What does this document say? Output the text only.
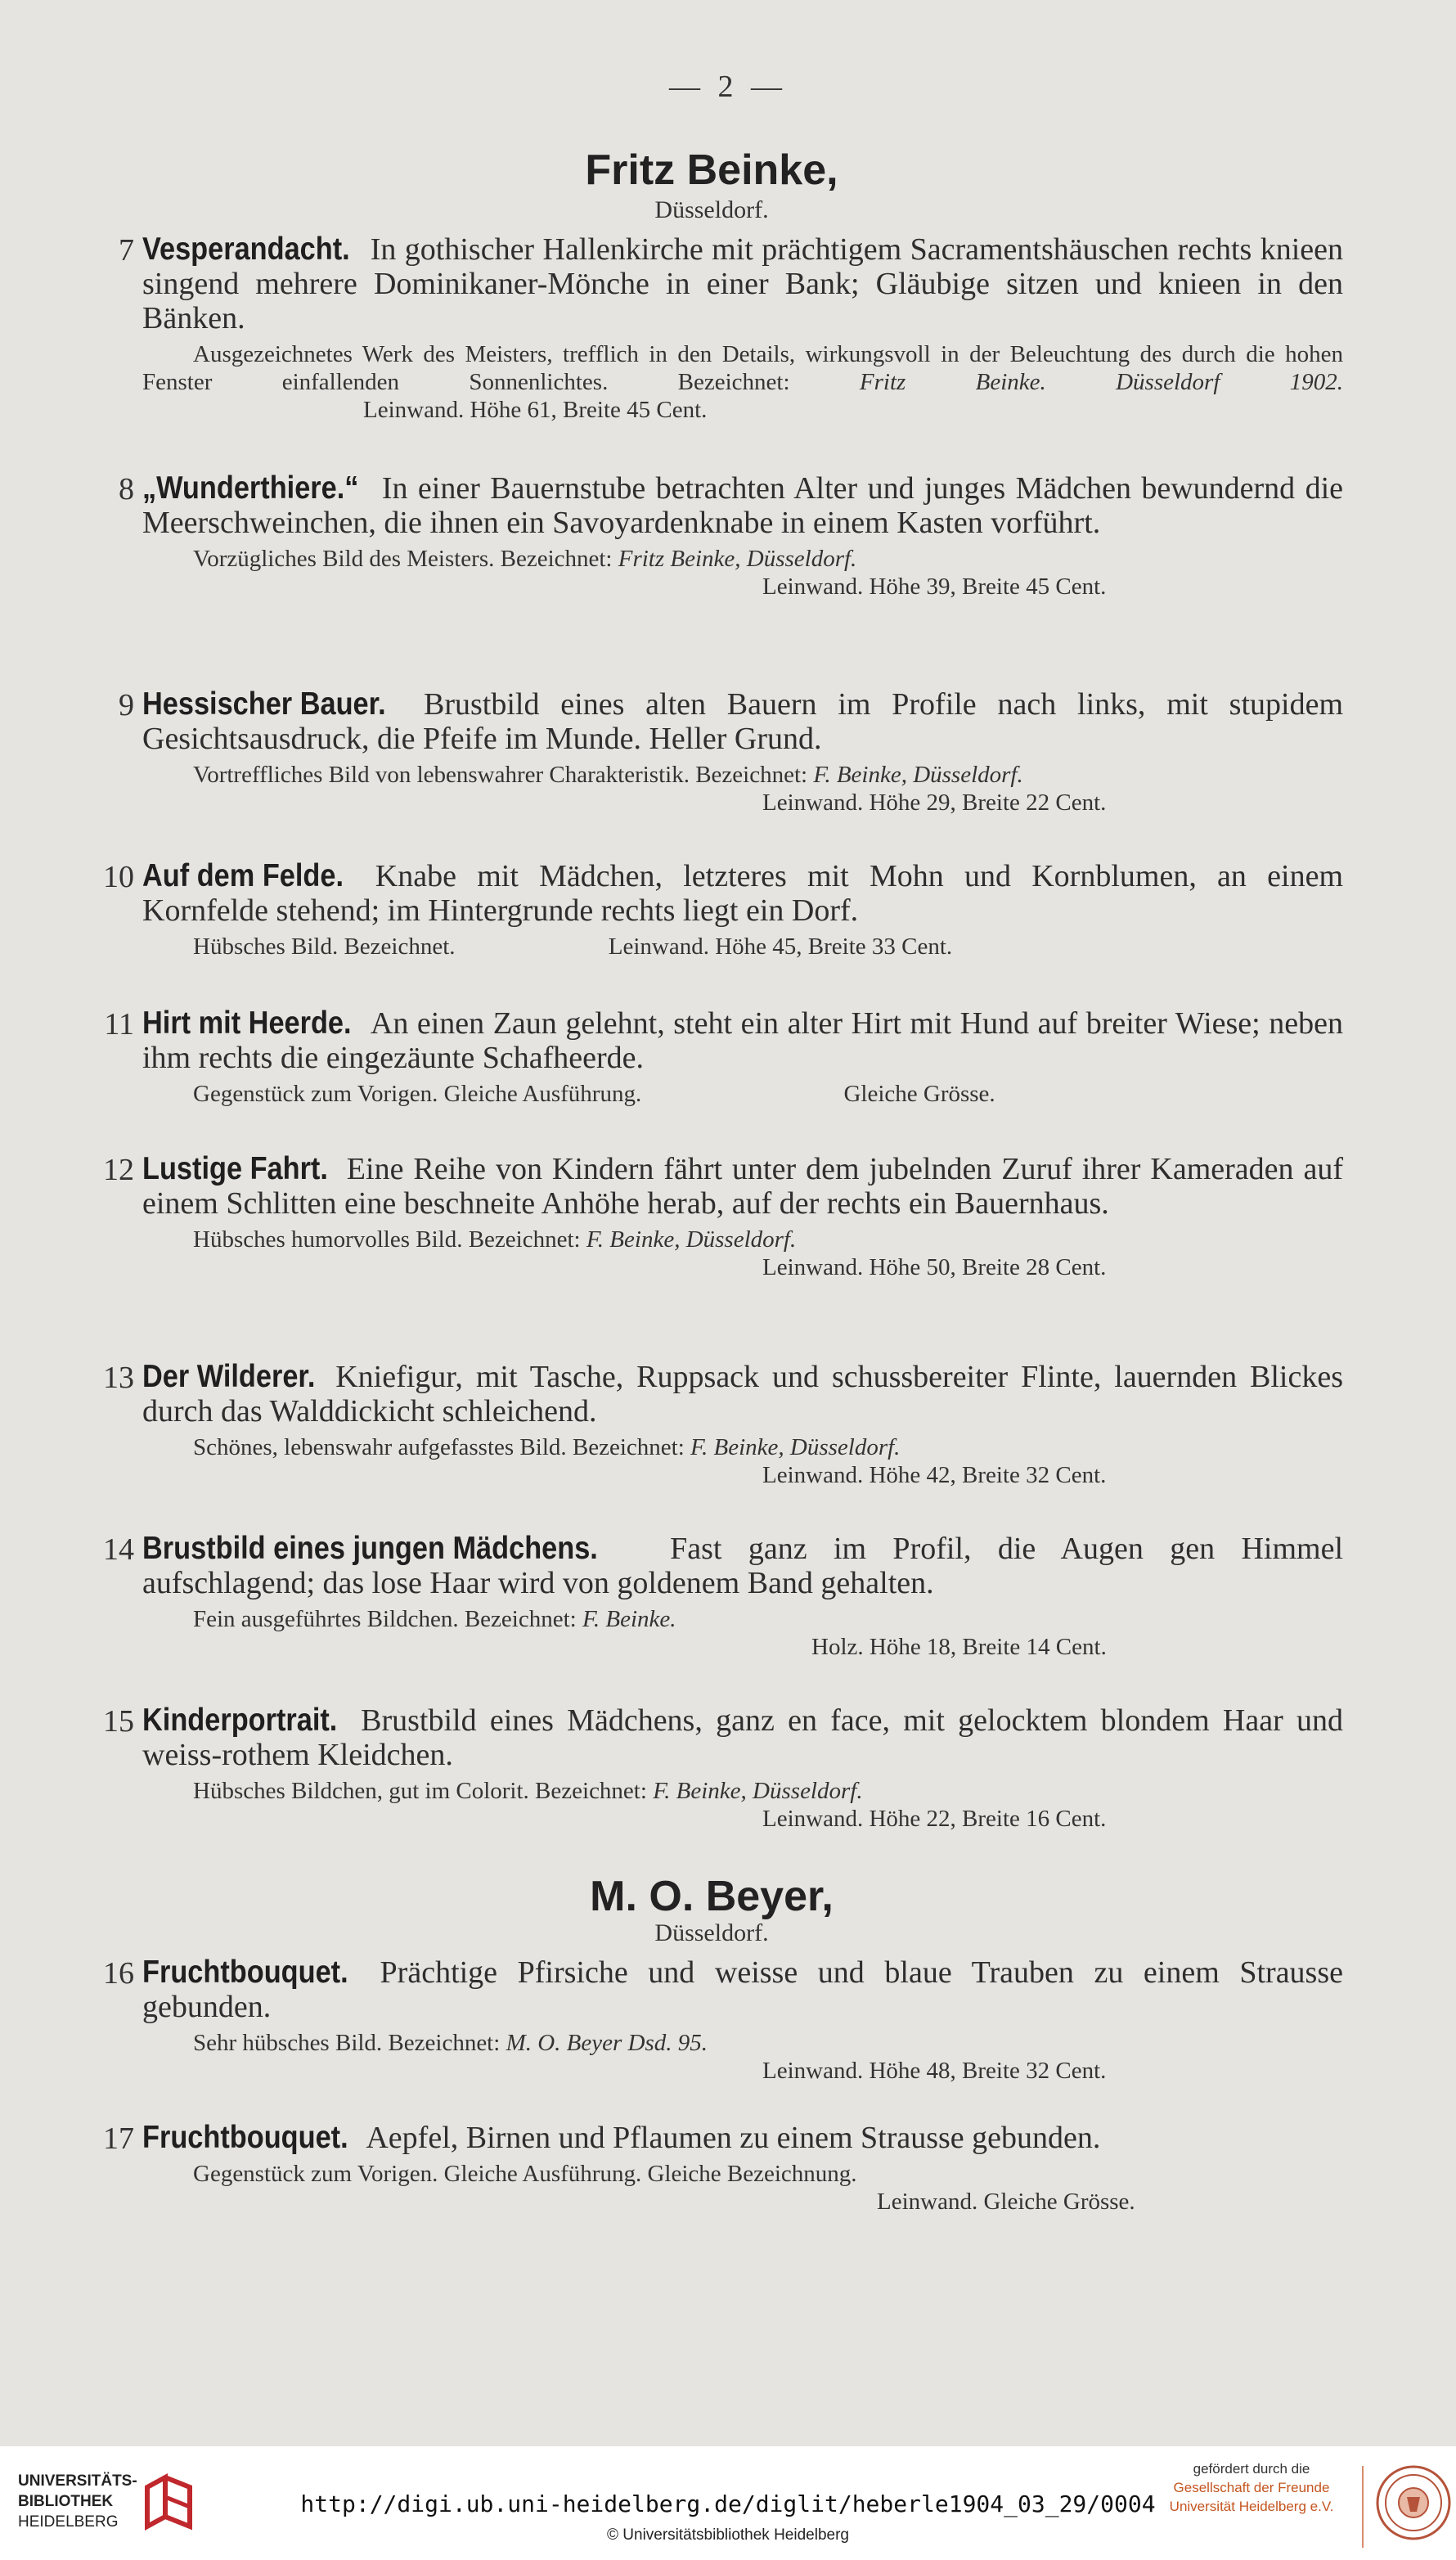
— 2 —
Fritz Beinke,
Düsseldorf.
7 Vesperandacht. In gothischer Hallenkirche mit prächtigem Sacramentshäuschen rechts knieen singend mehrere Dominikaner-Mönche in einer Bank; Gläubige sitzen und knieen in den Bänken.
Ausgezeichnetes Werk des Meisters, trefflich in den Details, wirkungsvoll in der Beleuchtung des durch die hohen Fenster einfallenden Sonnenlichtes. Bezeichnet:	Fritz Beinke. Düsseldorf 1902. Leinwand. Höhe 61, Breite 45 Cent.
8 „Wunderthiere.“ In einer Bauernstube betrachten Alter und junges Mädchen bewundernd die Meerschweinchen, die ihnen ein Savoyardenknabe in einem Kasten vorführt.
Vorzügliches Bild des Meisters. Bezeichnet: Fritz Beinke, Düsseldorf.
Leinwand. Höhe 39, Breite 45 Cent.
9 Hessischer Bauer. Brustbild eines alten Bauern im Profile nach links, mit stupidem Gesichtsausdruck, die Pfeife im Munde. Heller Grund.
Vortreffliches Bild von lebenswahrer Charakteristik. Bezeichnet: F. Beinke, Düsseldorf.
Leinwand. Höhe 29, Breite 22 Cent.
10 Auf dem Felde. Knabe mit Mädchen, letzteres mit Mohn und Kornblumen, an einem Kornfelde stehend; im Hintergrunde rechts liegt ein Dorf.
Hübsches Bild. Bezeichnet.	Leinwand. Höhe 45, Breite 33 Cent.
11 Hirt mit Heerde. An einen Zaun gelehnt, steht ein alter Hirt mit Hund auf breiter Wiese; neben ihm rechts die eingezäunte Schafheerde.
Gegenstück zum Vorigen. Gleiche Ausführung.	Gleiche Grösse.
12 Lustige Fahrt. Eine Reihe von Kindern fährt unter dem jubelnden Zuruf ihrer Kameraden auf einem Schlitten eine beschneite Anhöhe herab, auf der rechts ein Bauernhaus.
Hübsches humorvolles Bild. Bezeichnet: F. Beinke, Düsseldorf.
Leinwand. Höhe 50, Breite 28 Cent.
13 Der Wilderer. Kniefigur, mit Tasche, Ruppsack und schussbereiter Flinte, lauernden Blickes durch das Walddickicht schleichend.
Schönes, lebenswahr aufgefasstes Bild. Bezeichnet: F. Beinke, Düsseldorf.
Leinwand. Höhe 42, Breite 32 Cent.
14 Brustbild eines jungen Mädchens. Fast ganz im Profil, die Augen gen Himmel aufschlagend; das lose Haar wird von goldenem Band gehalten.
Fein ausgeführtes Bildchen. Bezeichnet: F. Beinke.
Holz. Höhe 18, Breite 14 Cent.
15 Kinderportrait. Brustbild eines Mädchens, ganz en face, mit gelocktem blondem Haar und weiss-rothem Kleidchen.
Hübsches Bildchen, gut im Colorit. Bezeichnet: F. Beinke, Düsseldorf.
Leinwand. Höhe 22, Breite 16 Cent.
M. O. Beyer,
Düsseldorf.
16 Fruchtbouquet. Prächtige Pfirsiche und weisse und blaue Trauben zu einem Strausse gebunden.
Sehr hübsches Bild. Bezeichnet: M. O. Beyer Dsd. 95.
Leinwand. Höhe 48, Breite 32 Cent.
17 Fruchtbouquet. Aepfel, Birnen und Pflaumen zu einem Strausse gebunden.
Gegenstück zum Vorigen. Gleiche Ausführung. Gleiche Bezeichnung.
Leinwand. Gleiche Grösse.
UNIVERSITÄTS-
BIBLIOTHEK
HEIDELBERG
http://digi.ub.uni-heidelberg.de/diglit/heberle1904_03_29/0004
© Universitätsbibliothek Heidelberg
gefördert durch die
Gesellschaft der Freunde
Universität Heidelberg e.V.
